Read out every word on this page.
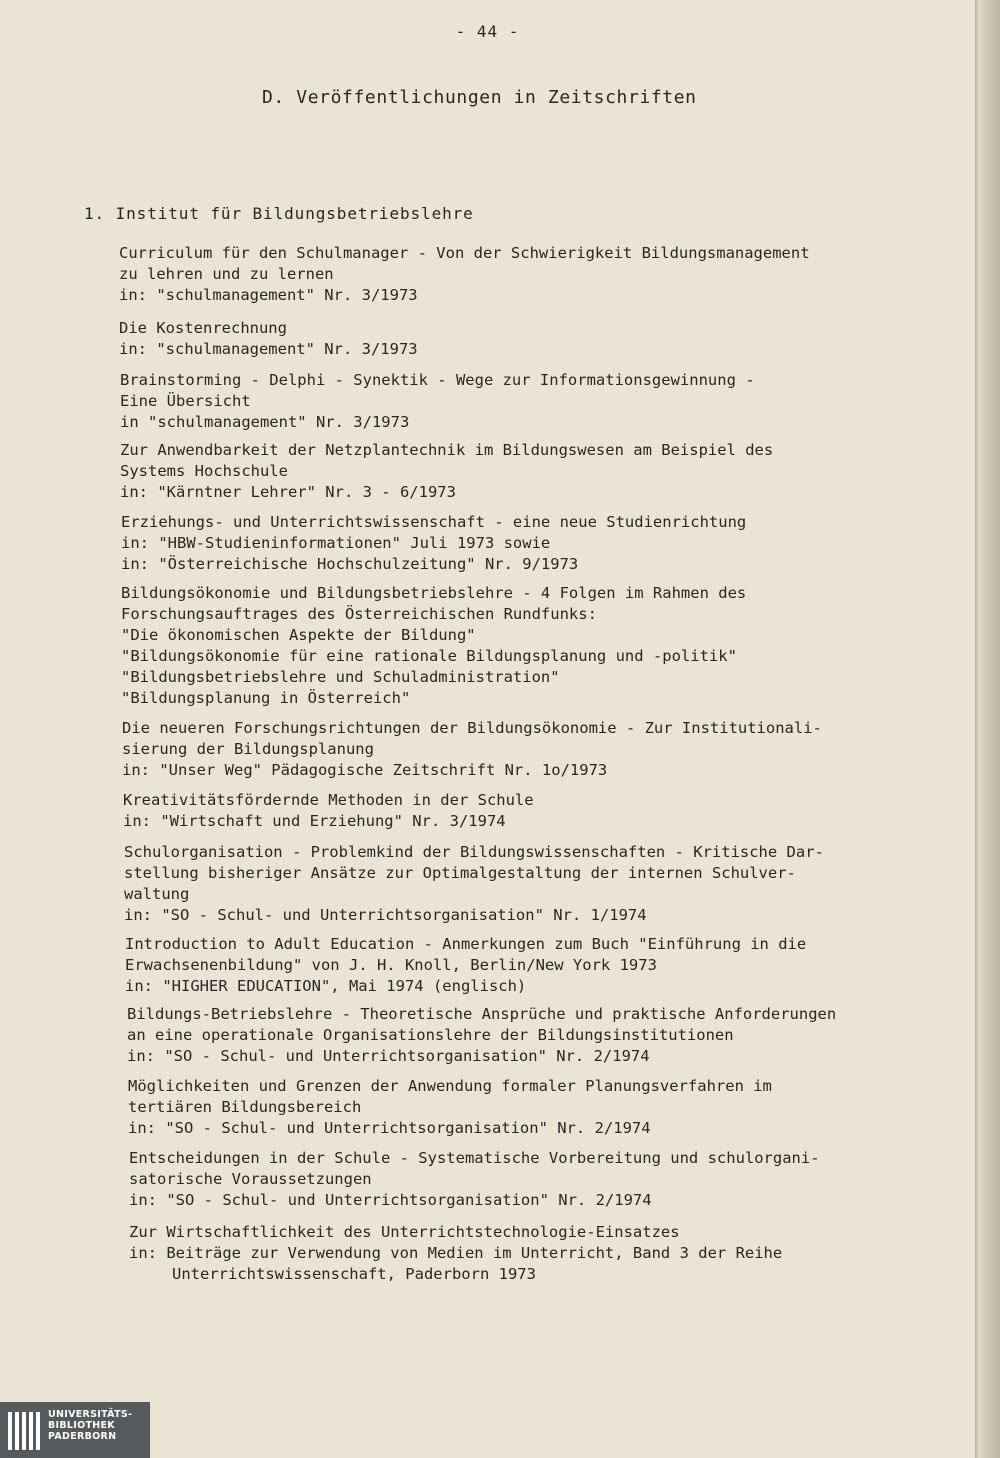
- 44 -
D. Veröffentlichungen in Zeitschriften
1. Institut für Bildungsbetriebslehre
Curriculum für den Schulmanager - Von der Schwierigkeit Bildungsmanagement
zu lehren und zu lernen
in: "schulmanagement" Nr. 3/1973
Die Kostenrechnung
in: "schulmanagement" Nr. 3/1973
Brainstorming - Delphi - Synektik - Wege zur Informationsgewinnung -
Eine Übersicht
in "schulmanagement" Nr. 3/1973
Zur Anwendbarkeit der Netzplantechnik im Bildungswesen am Beispiel des
Systems Hochschule
in: "Kärntner Lehrer" Nr. 3 - 6/1973
Erziehungs- und Unterrichtswissenschaft - eine neue Studienrichtung
in: "HBW-Studieninformationen" Juli 1973 sowie
in: "Österreichische Hochschulzeitung" Nr. 9/1973
Bildungsökonomie und Bildungsbetriebslehre - 4 Folgen im Rahmen des
Forschungsauftrages des Österreichischen Rundfunks:
"Die ökonomischen Aspekte der Bildung"
"Bildungsökonomie für eine rationale Bildungsplanung und -politik"
"Bildungsbetriebslehre und Schuladministration"
"Bildungsplanung in Österreich"
Die neueren Forschungsrichtungen der Bildungsökonomie - Zur Institutionali-
sierung der Bildungsplanung
in: "Unser Weg" Pädagogische Zeitschrift Nr. 1o/1973
Kreativitätsfördernde Methoden in der Schule
in: "Wirtschaft und Erziehung" Nr. 3/1974
Schulorganisation - Problemkind der Bildungswissenschaften - Kritische Dar-
stellung bisheriger Ansätze zur Optimalgestaltung der internen Schulver-
waltung
in: "SO - Schul- und Unterrichtsorganisation" Nr. 1/1974
Introduction to Adult Education - Anmerkungen zum Buch "Einführung in die
Erwachsenenbildung" von J. H. Knoll, Berlin/New York 1973
in: "HIGHER EDUCATION", Mai 1974 (englisch)
Bildungs-Betriebslehre - Theoretische Ansprüche und praktische Anforderungen
an eine operationale Organisationslehre der Bildungsinstitutionen
in: "SO - Schul- und Unterrichtsorganisation" Nr. 2/1974
Möglichkeiten und Grenzen der Anwendung formaler Planungsverfahren im
tertiären Bildungsbereich
in: "SO - Schul- und Unterrichtsorganisation" Nr. 2/1974
Entscheidungen in der Schule - Systematische Vorbereitung und schulorgani-
satorische Voraussetzungen
in: "SO - Schul- und Unterrichtsorganisation" Nr. 2/1974
Zur Wirtschaftlichkeit des Unterrichtstechnologie-Einsatzes
in: Beiträge zur Verwendung von Medien im Unterricht, Band 3 der Reihe
Unterrichtswissenschaft, Paderborn 1973
UNIVERSITÄTS-
BIBLIOTHEK
PADERBORN
